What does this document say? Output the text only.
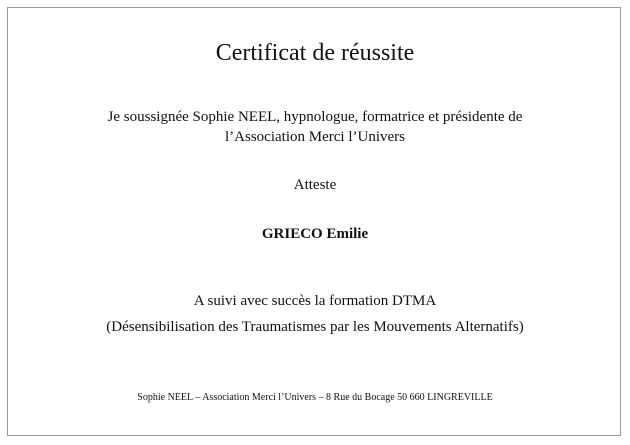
Certificat de réussite
Je soussignée Sophie NEEL, hypnologue, formatrice et présidente de
l’Association Merci l’Univers
Atteste
GRIECO Emilie
A suivi avec succès la formation DTMA
(Désensibilisation des Traumatismes par les Mouvements Alternatifs)
Sophie NEEL – Association Merci l’Univers – 8 Rue du Bocage 50 660 LINGREVILLE
